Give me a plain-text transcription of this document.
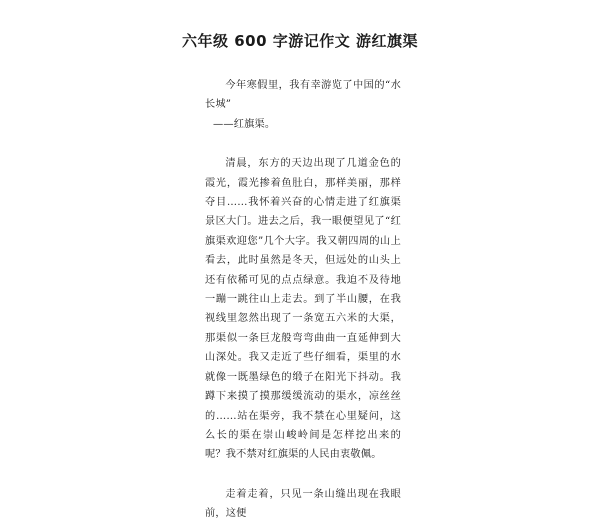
六年级 600 字游记作文 游红旗渠

今年寒假里，我有幸游览了中国的“水长城”

——红旗渠。

清晨，东方的天边出现了几道金色的霞光，霞光掺着鱼肚白，那样美丽，那样夺目……我怀着兴奋的心情走进了红旗渠景区大门。进去之后，我一眼便望见了“红旗渠欢迎您”几个大字。我又朝四周的山上看去，此时虽然是冬天，但远处的山头上还有依稀可见的点点绿意。我迫不及待地一蹦一跳往山上走去。到了半山腰，在我视线里忽然出现了一条宽五六米的大渠，那渠似一条巨龙般弯弯曲曲一直延伸到大山深处。我又走近了些仔细看，渠里的水就像一既墨绿色的缎子在阳光下抖动。我蹲下来摸了摸那缓缓流动的渠水，凉丝丝的……站在渠旁，我不禁在心里疑问，这么长的渠在崇山峻岭间是怎样挖出来的呢？我不禁对红旗渠的人民由衷敬佩。

走着走着，只见一条山缝出现在我眼前，这便
